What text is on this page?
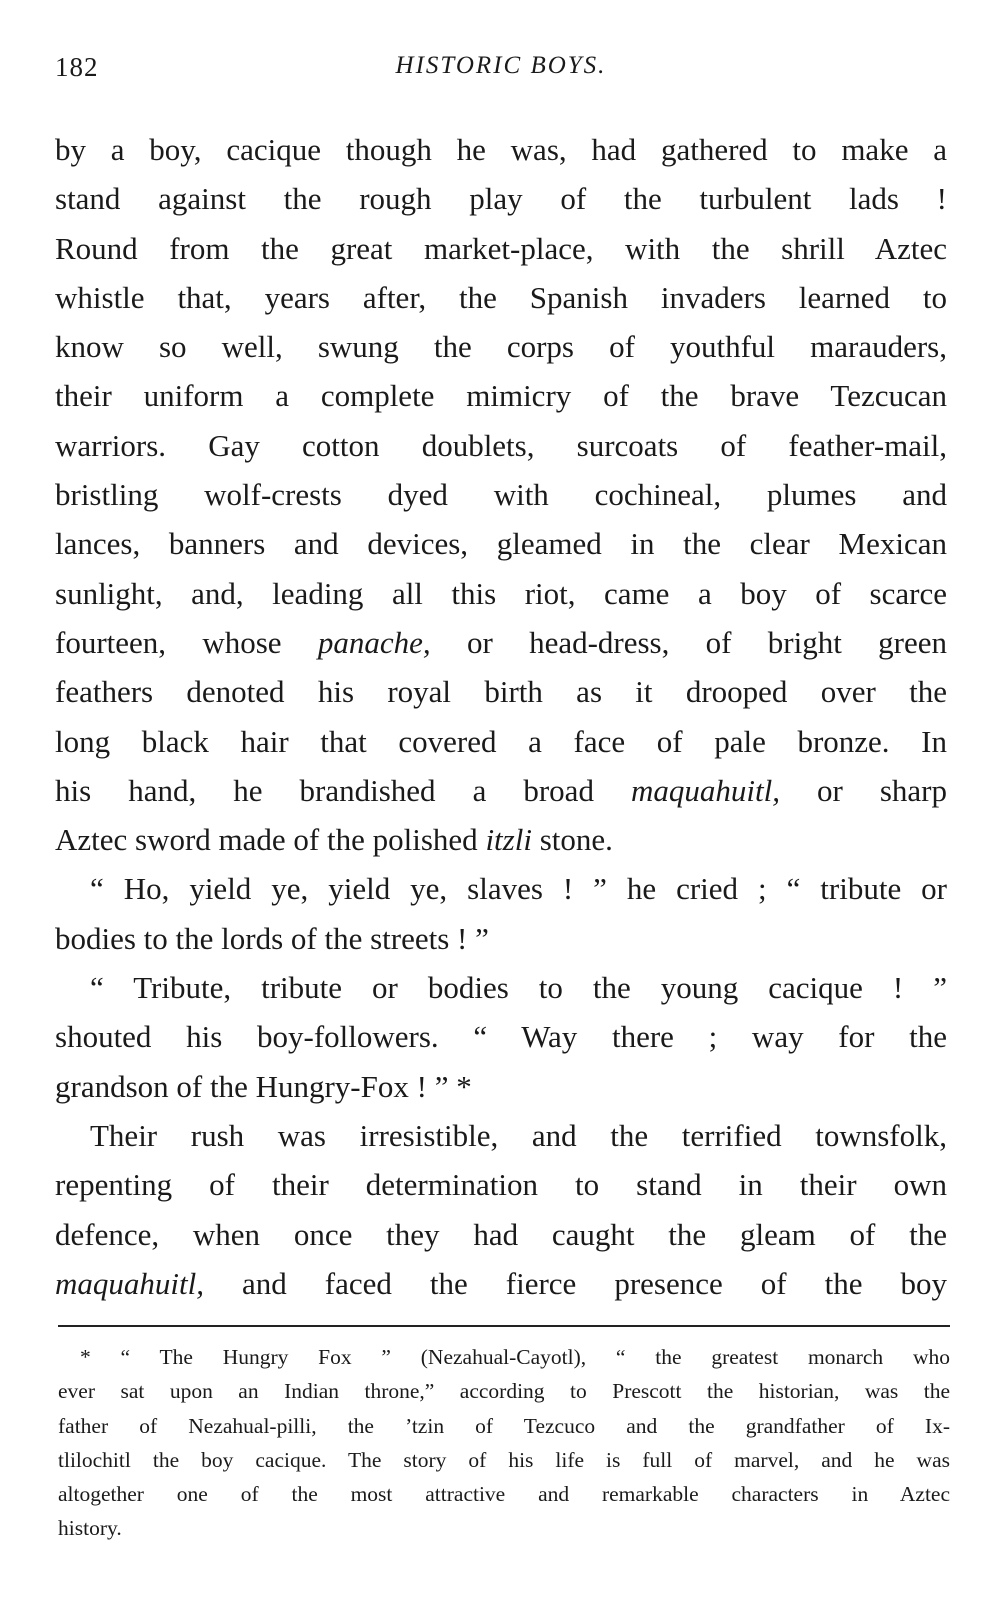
182	HISTORIC BOYS.
by a boy, cacique though he was, had gathered to make a
stand against the rough play of the turbulent lads !
Round from the great market-place, with the shrill Aztec
whistle that, years after, the Spanish invaders learned to
know so well, swung the corps of youthful marauders,
their uniform a complete mimicry of the brave Tezcucan
warriors. Gay cotton doublets, surcoats of feather-mail,
bristling wolf-crests dyed with cochineal, plumes and
lances, banners and devices, gleamed in the clear Mexican
sunlight, and, leading all this riot, came a boy of scarce
fourteen, whose panache, or head-dress, of bright green
feathers denoted his royal birth as it drooped over the
long black hair that covered a face of pale bronze. In
his hand, he brandished a broad maquahuitl, or sharp
Aztec sword made of the polished itzli stone.
“ Ho, yield ye, yield ye, slaves ! ” he cried ; “ tribute or
bodies to the lords of the streets ! ”
“ Tribute, tribute or bodies to the young cacique ! ”
shouted his boy-followers. “ Way there ; way for the
grandson of the Hungry-Fox ! ” *
Their rush was irresistible, and the terrified townsfolk,
repenting of their determination to stand in their own
defence, when once they had caught the gleam of the
maquahuitl, and faced the fierce presence of the boy
* “ The Hungry Fox ” (Nezahual-Cayotl), “ the greatest monarch who
ever sat upon an Indian throne,” according to Prescott the historian, was the
father of Nezahual-pilli, the ’tzin of Tezcuco and the grandfather of Ix-
tlilochitl the boy cacique. The story of his life is full of marvel, and he was
altogether one of the most attractive and remarkable characters in Aztec
history.
